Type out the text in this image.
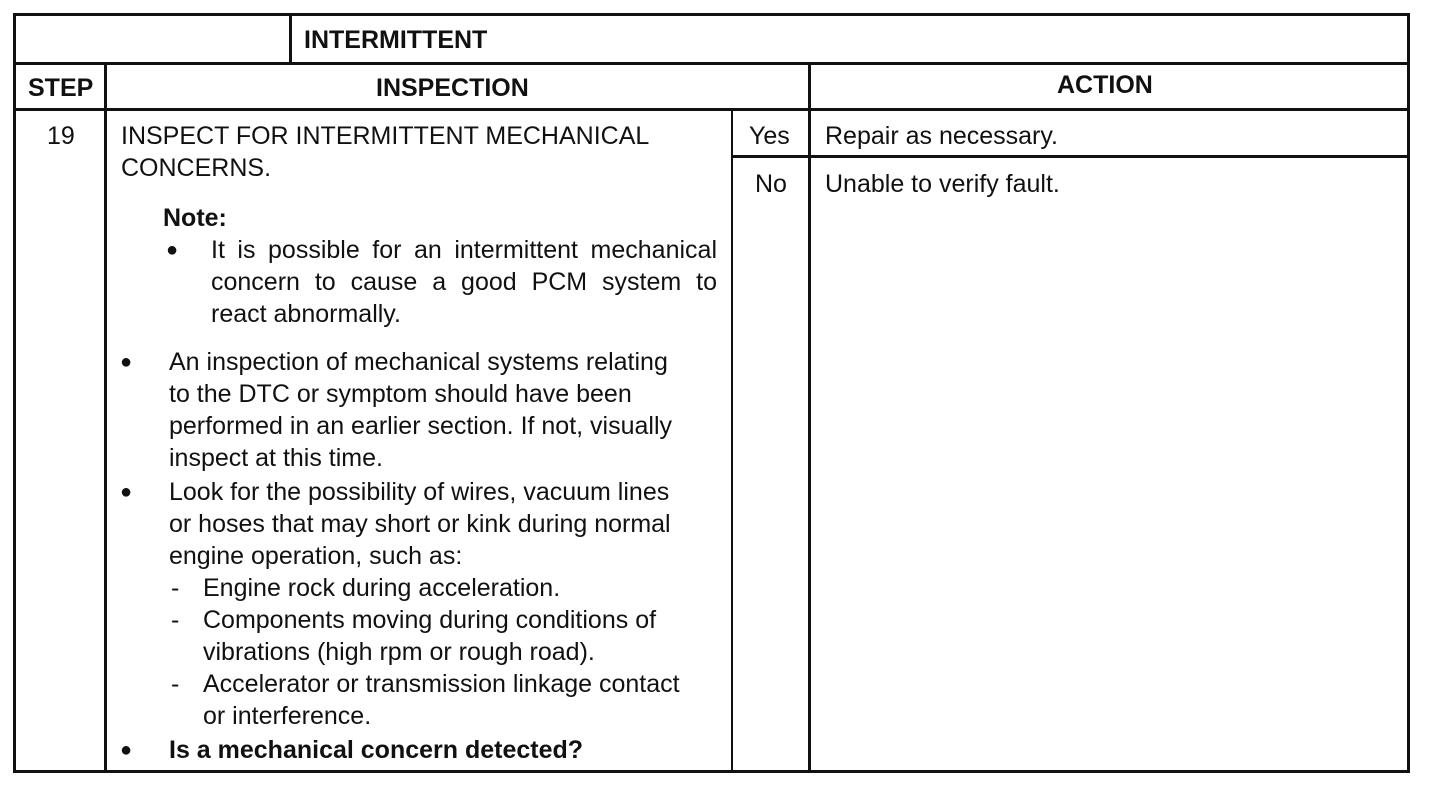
INTERMITTENT
STEP	INSPECTION	ACTION
19 INSPECT FOR INTERMITTENT MECHANICAL
CONCERNS.
Note:
● It is possible for an intermittent mechanical
concern to cause a good PCM system to
react abnormally.
● An inspection of mechanical systems relating
to the DTC or symptom should have been
performed in an earlier section. If not, visually
inspect at this time.
● Look for the possibility of wires, vacuum lines
or hoses that may short or kink during normal
engine operation, such as:
- Engine rock during acceleration.
- Components moving during conditions of
vibrations (high rpm or rough road).
- Accelerator or transmission linkage contact
or interference.
● Is a mechanical concern detected?
Yes
No
Repair as necessary.
Unable to verify fault.
